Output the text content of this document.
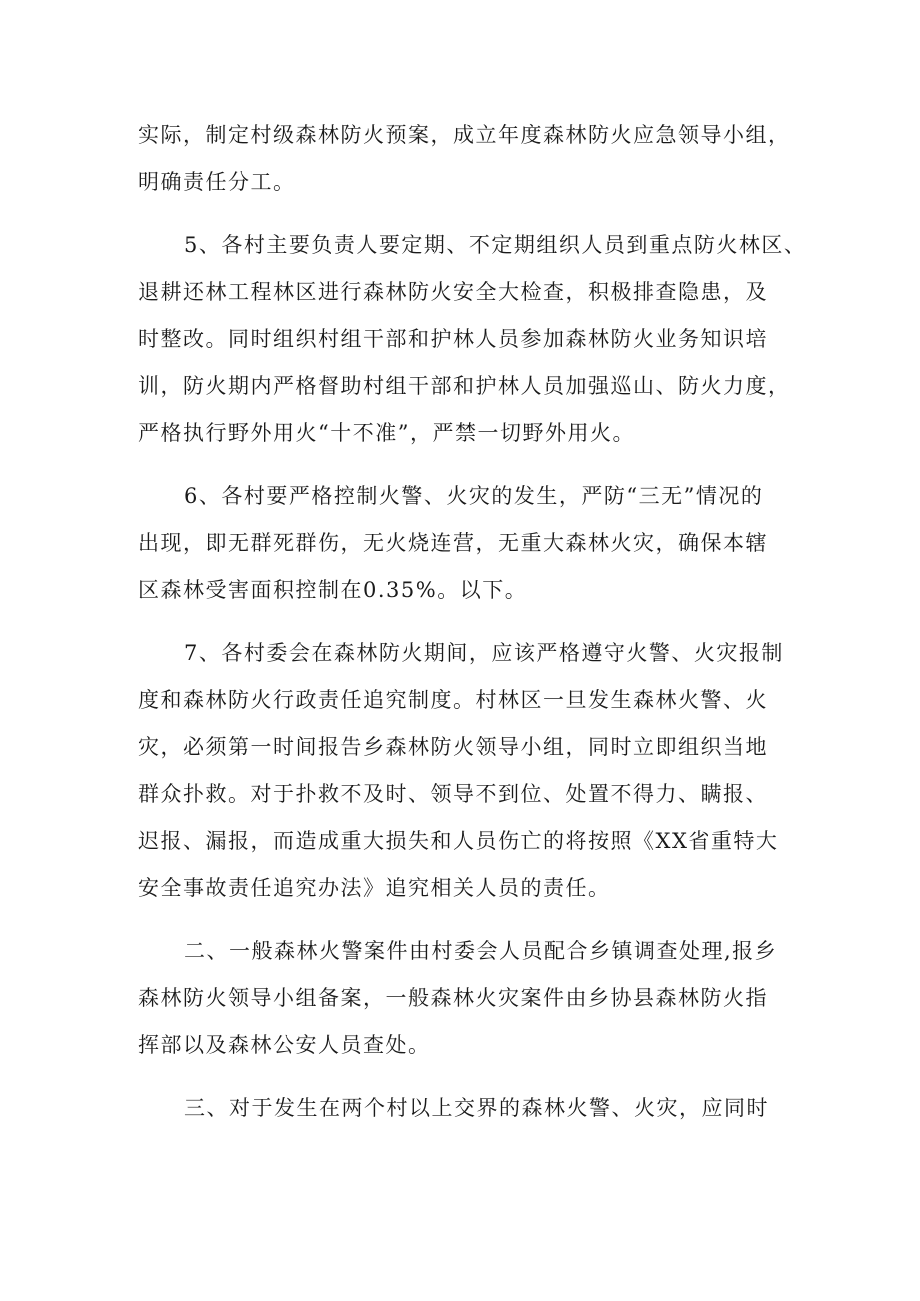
实际，制定村级森林防火预案，成立年度森林防火应急领导小组，
明确责任分工。

5、各村主要负责人要定期、不定期组织人员到重点防火林区、
退耕还林工程林区进行森林防火安全大检查，积极排查隐患，及
时整改。同时组织村组干部和护林人员参加森林防火业务知识培
训，防火期内严格督助村组干部和护林人员加强巡山、防火力度，
严格执行野外用火“十不准”，严禁一切野外用火。

6、各村要严格控制火警、火灾的发生，严防“三无”情况的
出现，即无群死群伤，无火烧连营，无重大森林火灾，确保本辖
区森林受害面积控制在0.35%。以下。

7、各村委会在森林防火期间，应该严格遵守火警、火灾报制
度和森林防火行政责任追究制度。村林区一旦发生森林火警、火
灾，必须第一时间报告乡森林防火领导小组，同时立即组织当地
群众扑救。对于扑救不及时、领导不到位、处置不得力、瞒报、
迟报、漏报，而造成重大损失和人员伤亡的将按照《XX省重特大
安全事故责任追究办法》追究相关人员的责任。

二、一般森林火警案件由村委会人员配合乡镇调查处理,报乡
森林防火领导小组备案，一般森林火灾案件由乡协县森林防火指
挥部以及森林公安人员查处。

三、对于发生在两个村以上交界的森林火警、火灾，应同时
